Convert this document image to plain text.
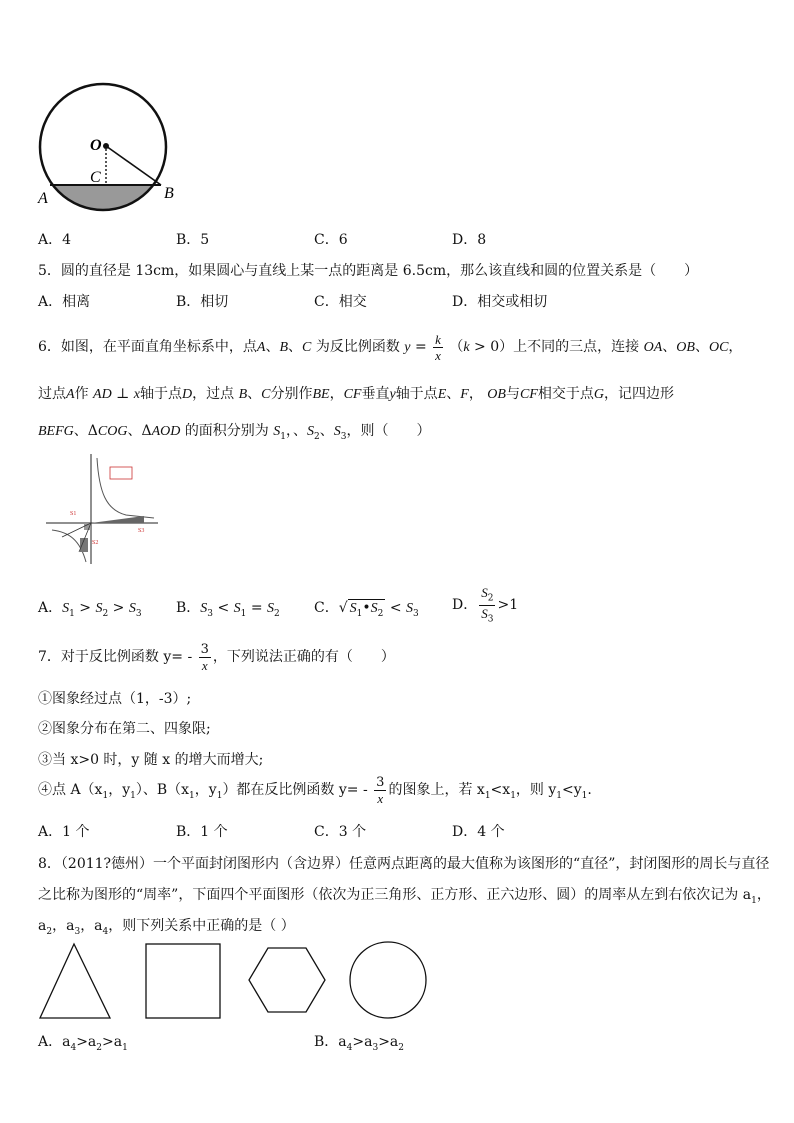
O
C
A	B
A．4	B．5	C．6	D．8
5．圆的直径是 13cm，如果圆心与直线上某一点的距离是 6.5cm，那么该直线和圆的位置关系是（　　）
A．相离	B．相切	C．相交	D．相交或相切
6．如图，在平面直角坐标系中，点A、B、C 为反比例函数 $y = \frac{k}{x} (k > 0)$上不同的三点，连接 OA、OB、OC，
过点A作 AD ⊥ x轴于点D，过点 B、C分别作BE，CF垂直y轴于点E、F， OB与CF相交于点G，记四边形
BEFG、ΔCOG、ΔAOD 的面积分别为 $S_1$，、$S_2$、$S_3$，则（　　）
S3
S1
S2
A．$S_1 > S_2 > S_3$ B．$S_3 < S_1 = S_2$ C．√ $S_1•S_2 < S_3$
D． $\frac{S_2}{S_3} >1$
7．对于反比例函数 $y= - \frac{3}{x}$ ，下列说法正确的有（　　）
①图象经过点（1，-3）;
②图象分布在第二、四象限;
③当 x>0 时，y 随 x 的增大而增大;
④点 $A(x_1$，$y_1$）、$B(x_1$，$y_1$）都在反比例函数 $y= - \frac{3}{x}$ 的图象上，若 $x_1<x_1$，则 $y_1<y_1$.
A．1 个	B．1 个	C．3 个	D．4 个
8．（2011?德州）一个平面封闭图形内（含边界）任意两点距离的最大值称为该图形的“直径”，封闭图形的周长与直径
之比称为图形的“周率”，下面四个平面图形（依次为正三角形、正方形、正六边形、圆）的周率从左到右依次记为 $a_1$，
$a_2$，$a_3$，$a_4$，则下列关系中正确的是（ ）
A．$a_4>a_2>a_1$	B．$a_4>a_3>a_2$
